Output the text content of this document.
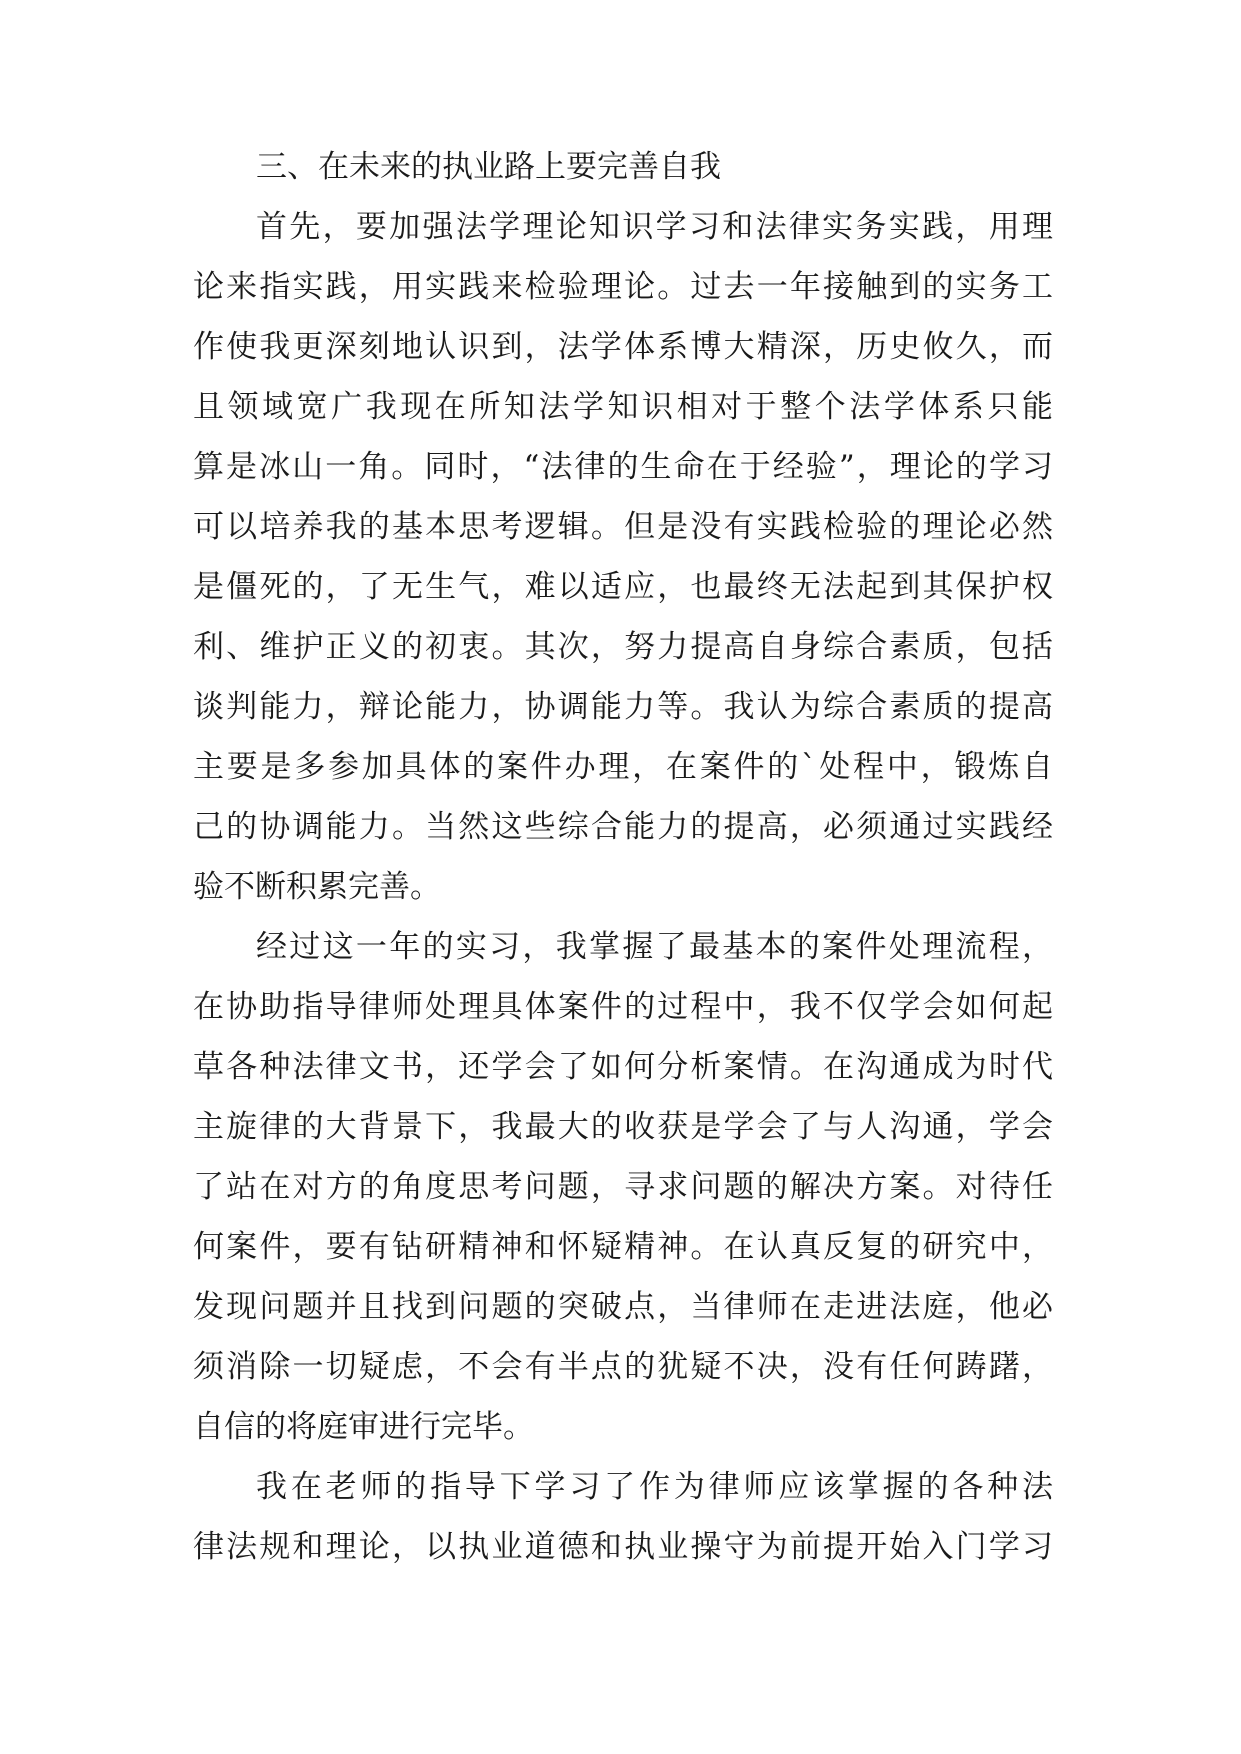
三、在未来的执业路上要完善自我
首先，要加强法学理论知识学习和法律实务实践，用理
论来指实践，用实践来检验理论。过去一年接触到的实务工
作使我更深刻地认识到，法学体系博大精深，历史攸久，而
且领域宽广我现在所知法学知识相对于整个法学体系只能
算是冰山一角。同时，“法律的生命在于经验”，理论的学习
可以培养我的基本思考逻辑。但是没有实践检验的理论必然
是僵死的，了无生气，难以适应，也最终无法起到其保护权
利、维护正义的初衷。其次，努力提高自身综合素质，包括
谈判能力，辩论能力，协调能力等。我认为综合素质的提高
主要是多参加具体的案件办理，在案件的`处程中，锻炼自
己的协调能力。当然这些综合能力的提高，必须通过实践经
验不断积累完善。
经过这一年的实习，我掌握了最基本的案件处理流程，
在协助指导律师处理具体案件的过程中，我不仅学会如何起
草各种法律文书，还学会了如何分析案情。在沟通成为时代
主旋律的大背景下，我最大的收获是学会了与人沟通，学会
了站在对方的角度思考问题，寻求问题的解决方案。对待任
何案件，要有钻研精神和怀疑精神。在认真反复的研究中，
发现问题并且找到问题的突破点，当律师在走进法庭，他必
须消除一切疑虑，不会有半点的犹疑不决，没有任何踌躇，
自信的将庭审进行完毕。
我在老师的指导下学习了作为律师应该掌握的各种法
律法规和理论，以执业道德和执业操守为前提开始入门学习
